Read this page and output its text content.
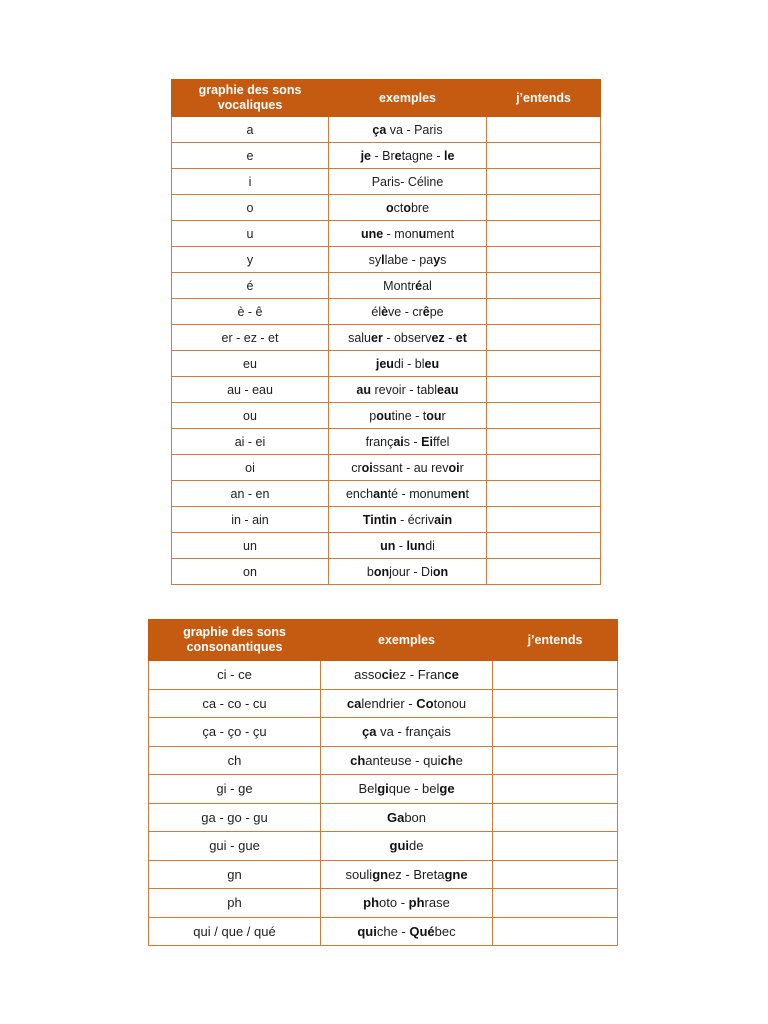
graphie des sons vocaliques	exemples	j’entends
a	ça va - Paris	
e	je - Bretagne - le	
i	Paris- Céline	
o	octobre	
u	une - monument	
y	syllabe - pays	
é	Montréal	
è - ê	élève - crêpe	
er - ez - et	saluer - observez - et	
eu	jeudi - bleu	
au - eau	au revoir - tableau	
ou	poutine - tour	
ai - ei	français - Eiffel	
oi	croissant - au revoir	
an - en	enchanté - monument	
in - ain	Tintin - écrivain	
un	un - lundi	
on	bonjour - Dion	
graphie des sons consonantiques	exemples	j’entends
ci - ce	associez - France	
ca - co - cu	calendrier - Cotonou	
ça - ço - çu	ça va - français	
ch	chanteuse - quiche	
gi - ge	Belgique - belge	
ga - go - gu	Gabon	
gui - gue	guide	
gn	soulignez - Bretagne	
ph	photo - phrase	
qui / que / qué	quiche - Québec	
